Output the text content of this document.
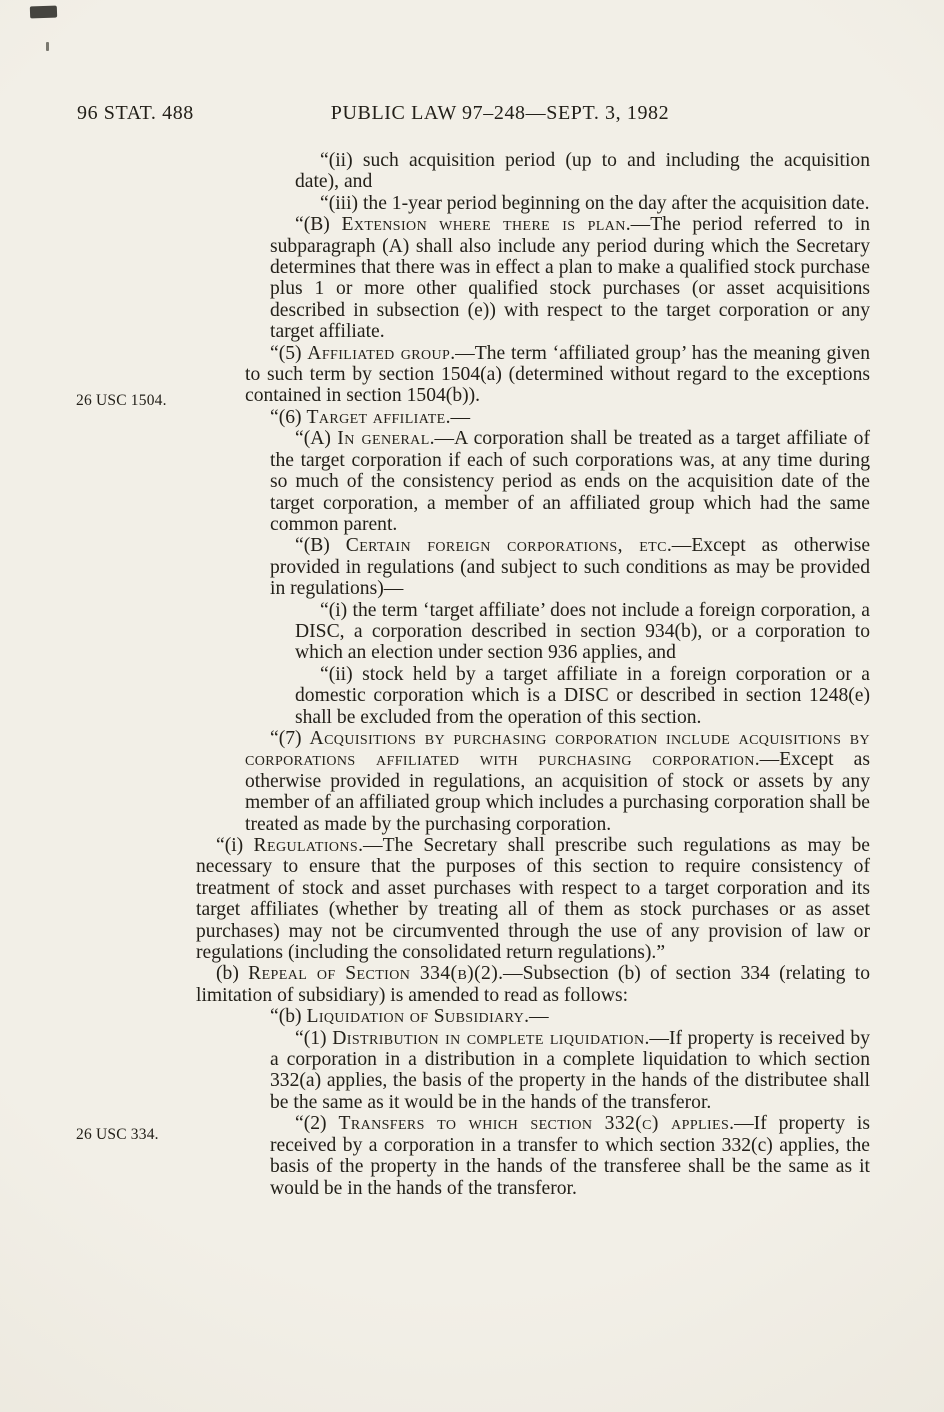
96 STAT. 488	PUBLIC LAW 97–248—SEPT. 3, 1982
26 USC 1504.
26 USC 334.

“(ii) such acquisition period (up to and including the acquisition date), and

“(iii) the 1-year period beginning on the day after the acquisition date.

“(B) Extension where there is plan.—The period referred to in subparagraph (A) shall also include any period during which the Secretary determines that there was in effect a plan to make a qualified stock purchase plus 1 or more other qualified stock purchases (or asset acquisitions described in subsection (e)) with respect to the target corporation or any target affiliate.

“(5) Affiliated group.—The term ‘affiliated group’ has the meaning given to such term by section 1504(a) (determined without regard to the exceptions contained in section 1504(b)).

“(6) Target affiliate.—

“(A) In general.—A corporation shall be treated as a target affiliate of the target corporation if each of such corporations was, at any time during so much of the consistency period as ends on the acquisition date of the target corporation, a member of an affiliated group which had the same common parent.

“(B) Certain foreign corporations, etc.—Except as otherwise provided in regulations (and subject to such conditions as may be provided in regulations)—

“(i) the term ‘target affiliate’ does not include a foreign corporation, a DISC, a corporation described in section 934(b), or a corporation to which an election under section 936 applies, and

“(ii) stock held by a target affiliate in a foreign corporation or a domestic corporation which is a DISC or described in section 1248(e) shall be excluded from the operation of this section.

“(7) Acquisitions by purchasing corporation include acquisitions by corporations affiliated with purchasing corporation.—Except as otherwise provided in regulations, an acquisition of stock or assets by any member of an affiliated group which includes a purchasing corporation shall be treated as made by the purchasing corporation.

“(i) Regulations.—The Secretary shall prescribe such regulations as may be necessary to ensure that the purposes of this section to require consistency of treatment of stock and asset purchases with respect to a target corporation and its target affiliates (whether by treating all of them as stock purchases or as asset purchases) may not be circumvented through the use of any provision of law or regulations (including the consolidated return regulations).”

(b) Repeal of Section 334(b)(2).—Subsection (b) of section 334 (relating to limitation of subsidiary) is amended to read as follows:

“(b) Liquidation of Subsidiary.—

“(1) Distribution in complete liquidation.—If property is received by a corporation in a distribution in a complete liquidation to which section 332(a) applies, the basis of the property in the hands of the distributee shall be the same as it would be in the hands of the transferor.

“(2) Transfers to which section 332(c) applies.—If property is received by a corporation in a transfer to which section 332(c) applies, the basis of the property in the hands of the transferee shall be the same as it would be in the hands of the transferor.
